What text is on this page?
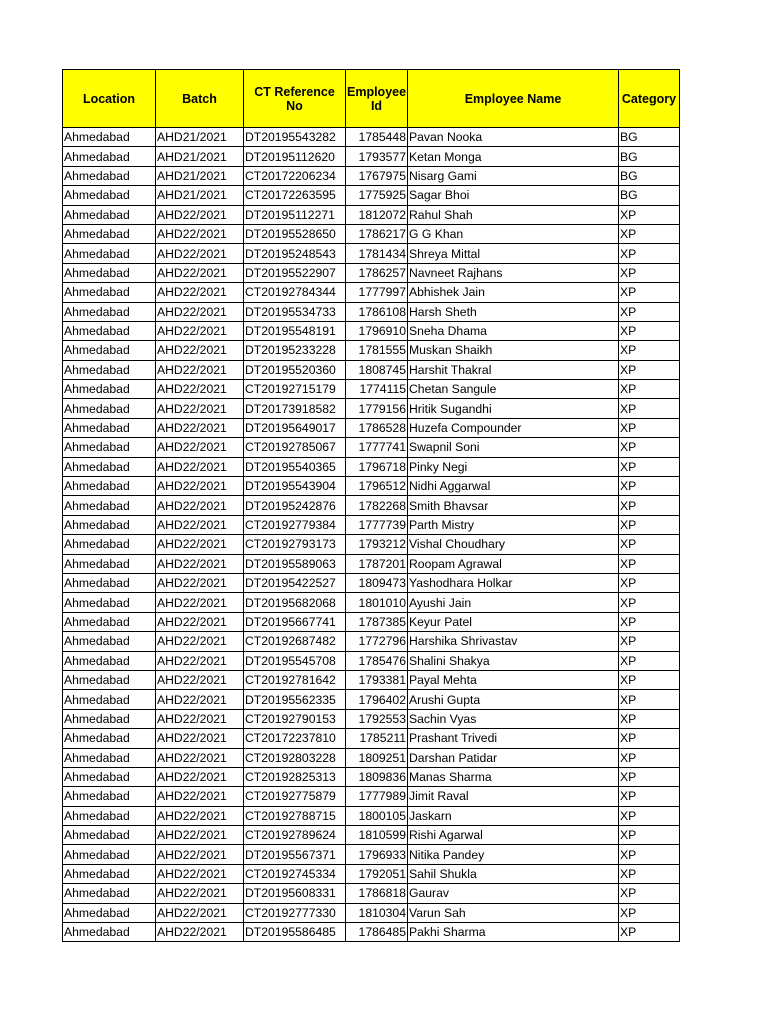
Location	Batch	CT Reference No	Employee Id	Employee Name	Category
Ahmedabad	AHD21/2021	DT20195543282	1785448	Pavan Nooka	BG
Ahmedabad	AHD21/2021	DT20195112620	1793577	Ketan Monga	BG
Ahmedabad	AHD21/2021	CT20172206234	1767975	Nisarg Gami	BG
Ahmedabad	AHD21/2021	CT20172263595	1775925	Sagar Bhoi	BG
Ahmedabad	AHD22/2021	DT20195112271	1812072	Rahul Shah	XP
Ahmedabad	AHD22/2021	DT20195528650	1786217	G G Khan	XP
Ahmedabad	AHD22/2021	DT20195248543	1781434	Shreya Mittal	XP
Ahmedabad	AHD22/2021	DT20195522907	1786257	Navneet Rajhans	XP
Ahmedabad	AHD22/2021	CT20192784344	1777997	Abhishek Jain	XP
Ahmedabad	AHD22/2021	DT20195534733	1786108	Harsh Sheth	XP
Ahmedabad	AHD22/2021	DT20195548191	1796910	Sneha Dhama	XP
Ahmedabad	AHD22/2021	DT20195233228	1781555	Muskan Shaikh	XP
Ahmedabad	AHD22/2021	DT20195520360	1808745	Harshit Thakral	XP
Ahmedabad	AHD22/2021	CT20192715179	1774115	Chetan Sangule	XP
Ahmedabad	AHD22/2021	DT20173918582	1779156	Hritik Sugandhi	XP
Ahmedabad	AHD22/2021	DT20195649017	1786528	Huzefa Compounder	XP
Ahmedabad	AHD22/2021	CT20192785067	1777741	Swapnil Soni	XP
Ahmedabad	AHD22/2021	DT20195540365	1796718	Pinky Negi	XP
Ahmedabad	AHD22/2021	DT20195543904	1796512	Nidhi Aggarwal	XP
Ahmedabad	AHD22/2021	DT20195242876	1782268	Smith Bhavsar	XP
Ahmedabad	AHD22/2021	CT20192779384	1777739	Parth Mistry	XP
Ahmedabad	AHD22/2021	CT20192793173	1793212	Vishal Choudhary	XP
Ahmedabad	AHD22/2021	DT20195589063	1787201	Roopam Agrawal	XP
Ahmedabad	AHD22/2021	DT20195422527	1809473	Yashodhara Holkar	XP
Ahmedabad	AHD22/2021	DT20195682068	1801010	Ayushi Jain	XP
Ahmedabad	AHD22/2021	DT20195667741	1787385	Keyur Patel	XP
Ahmedabad	AHD22/2021	CT20192687482	1772796	Harshika Shrivastav	XP
Ahmedabad	AHD22/2021	DT20195545708	1785476	Shalini Shakya	XP
Ahmedabad	AHD22/2021	CT20192781642	1793381	Payal Mehta	XP
Ahmedabad	AHD22/2021	DT20195562335	1796402	Arushi Gupta	XP
Ahmedabad	AHD22/2021	CT20192790153	1792553	Sachin Vyas	XP
Ahmedabad	AHD22/2021	CT20172237810	1785211	Prashant Trivedi	XP
Ahmedabad	AHD22/2021	CT20192803228	1809251	Darshan Patidar	XP
Ahmedabad	AHD22/2021	CT20192825313	1809836	Manas Sharma	XP
Ahmedabad	AHD22/2021	CT20192775879	1777989	Jimit Raval	XP
Ahmedabad	AHD22/2021	CT20192788715	1800105	Jaskarn	XP
Ahmedabad	AHD22/2021	CT20192789624	1810599	Rishi Agarwal	XP
Ahmedabad	AHD22/2021	DT20195567371	1796933	Nitika Pandey	XP
Ahmedabad	AHD22/2021	CT20192745334	1792051	Sahil Shukla	XP
Ahmedabad	AHD22/2021	DT20195608331	1786818	Gaurav	XP
Ahmedabad	AHD22/2021	CT20192777330	1810304	Varun Sah	XP
Ahmedabad	AHD22/2021	DT20195586485	1786485	Pakhi Sharma	XP
